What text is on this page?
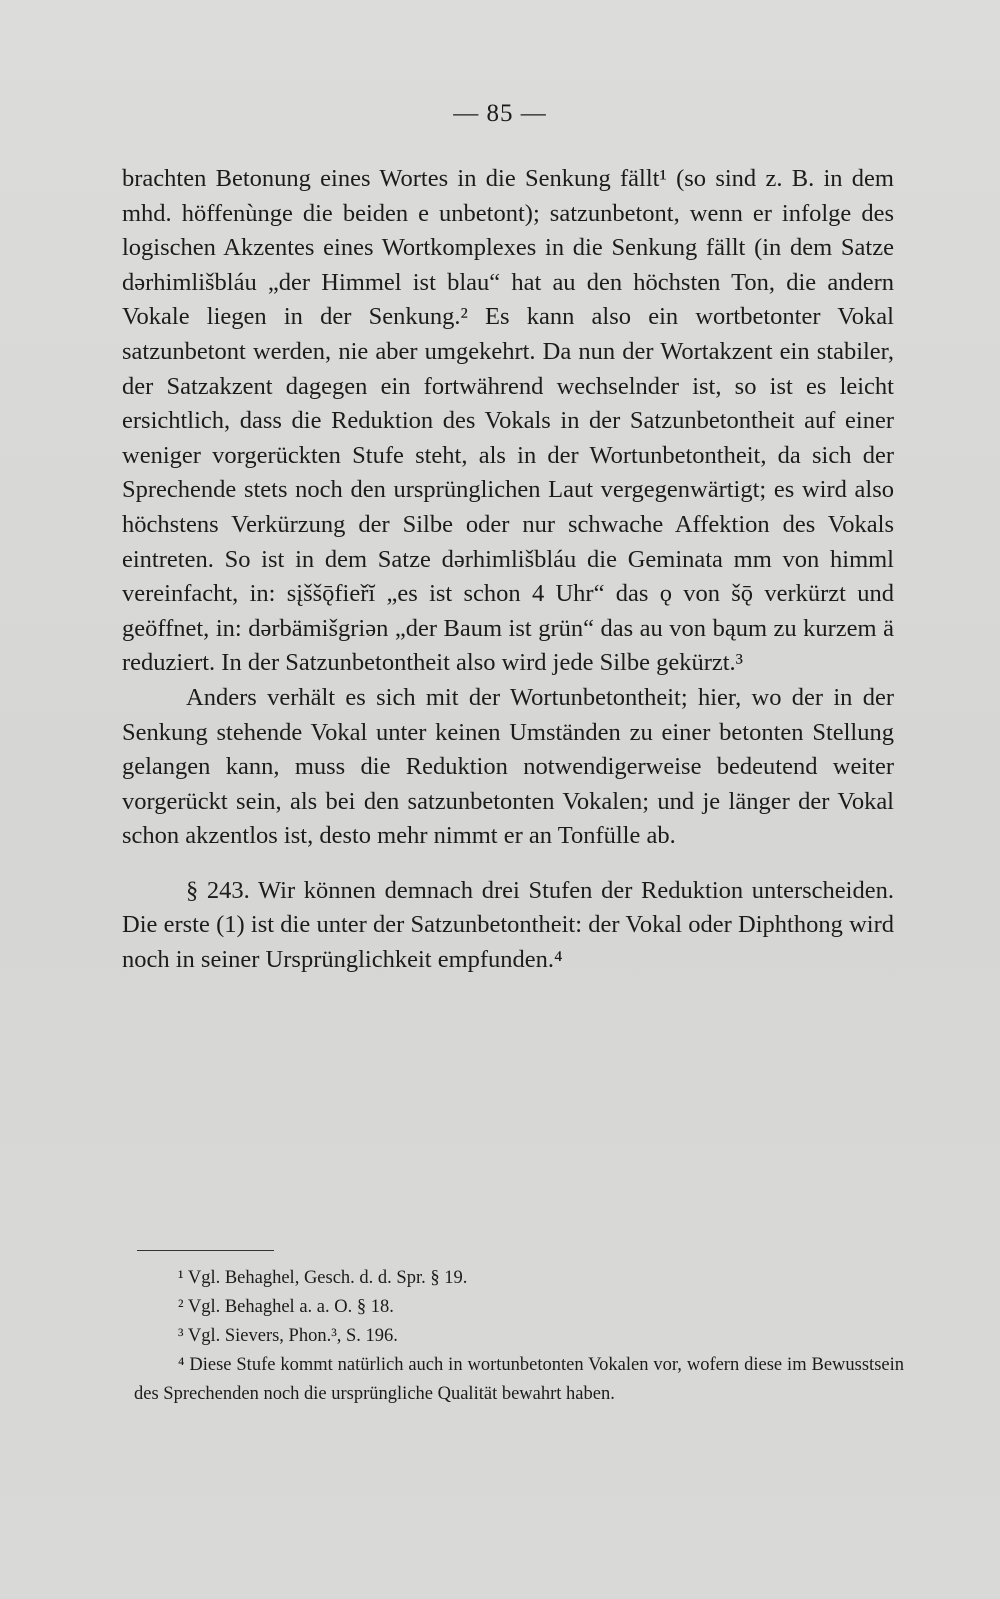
— 85 —

brachten Betonung eines Wortes in die Senkung fällt¹ (so sind z. B. in dem mhd. höffenùnge die beiden e unbetont); satzunbetont, wenn er infolge des logischen Akzentes eines Wortkomplexes in die Senkung fällt (in dem Satze dərhimlišbláu „der Himmel ist blau“ hat au den höchsten Ton, die andern Vokale liegen in der Senkung.² Es kann also ein wortbetonter Vokal satzunbetont werden, nie aber umgekehrt. Da nun der Wortakzent ein stabiler, der Satzakzent dagegen ein fortwährend wechselnder ist, so ist es leicht ersichtlich, dass die Reduktion des Vokals in der Satzunbetontheit auf einer weniger vorgerückten Stufe steht, als in der Wortunbetontheit, da sich der Sprechende stets noch den ursprünglichen Laut vergegenwärtigt; es wird also höchstens Verkürzung der Silbe oder nur schwache Affektion des Vokals eintreten. So ist in dem Satze dərhimlišbláu die Geminata mm von himml vereinfacht, in: sįššǭfieřĭ „es ist schon 4 Uhr“ das ǫ von šǭ verkürzt und geöffnet, in: dərbämišgriən „der Baum ist grün“ das au von bąum zu kurzem ä reduziert. In der Satzunbetontheit also wird jede Silbe gekürzt.³

Anders verhält es sich mit der Wortunbetontheit; hier, wo der in der Senkung stehende Vokal unter keinen Umständen zu einer betonten Stellung gelangen kann, muss die Reduktion notwendigerweise bedeutend weiter vorgerückt sein, als bei den satzunbetonten Vokalen; und je länger der Vokal schon akzentlos ist, desto mehr nimmt er an Tonfülle ab.

§ 243. Wir können demnach drei Stufen der Reduktion unterscheiden. Die erste (1) ist die unter der Satzunbetontheit: der Vokal oder Diphthong wird noch in seiner Ursprünglichkeit empfunden.⁴

¹ Vgl. Behaghel, Gesch. d. d. Spr. § 19.

² Vgl. Behaghel a. a. O. § 18.

³ Vgl. Sievers, Phon.³, S. 196.

⁴ Diese Stufe kommt natürlich auch in wortunbetonten Vokalen vor, wofern diese im Bewusstsein des Sprechenden noch die ursprüngliche Qualität bewahrt haben.
